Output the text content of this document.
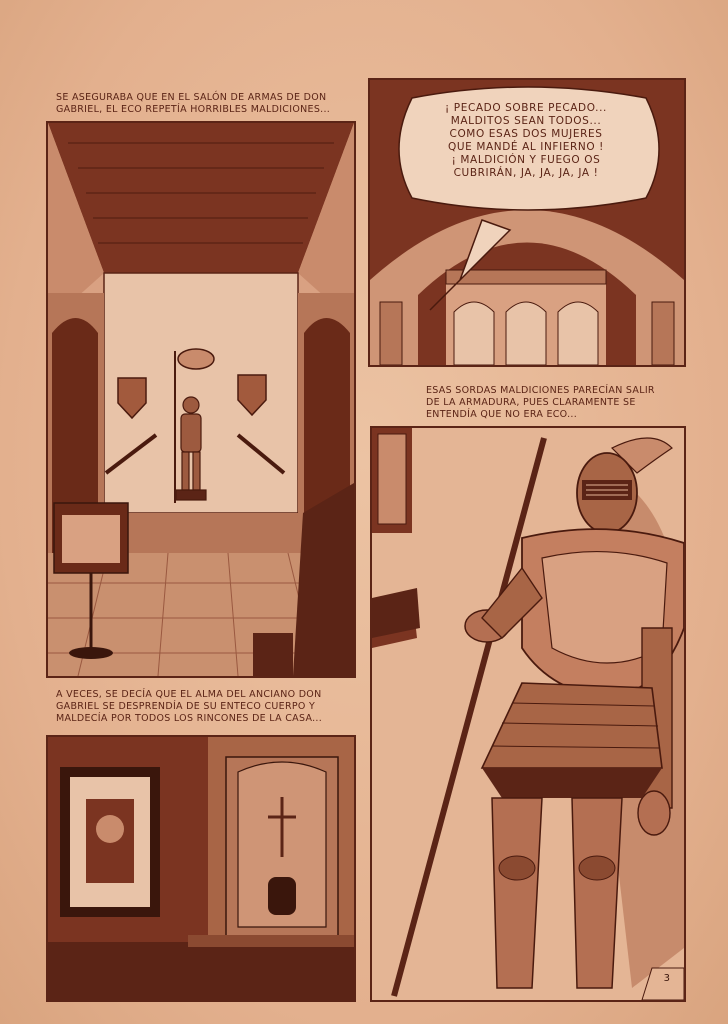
SE ASEGURABA QUE EN EL SALÓN DE ARMAS DE DON
GABRIEL, EL ECO REPETÍA HORRIBLES MALDICIONES...	¡ PECADO SOBRE PECADO...
MALDITOS SEAN TODOS...
COMO ESAS DOS MUJERES
QUE MANDÉ AL INFIERNO !
¡ MALDICIÓN Y FUEGO OS
CUBRIRÁN, JA, JA, JA, JA !
ESAS SORDAS MALDICIONES PARECÍAN SALIR
DE LA ARMADURA, PUES CLARAMENTE SE
ENTENDÍA QUE NO ERA ECO...
A VECES, SE DECÍA QUE EL ALMA DEL ANCIANO DON
GABRIEL SE DESPRENDÍA DE SU ENTECO CUERPO Y
MALDECÍA POR TODOS LOS RINCONES DE LA CASA...
3
